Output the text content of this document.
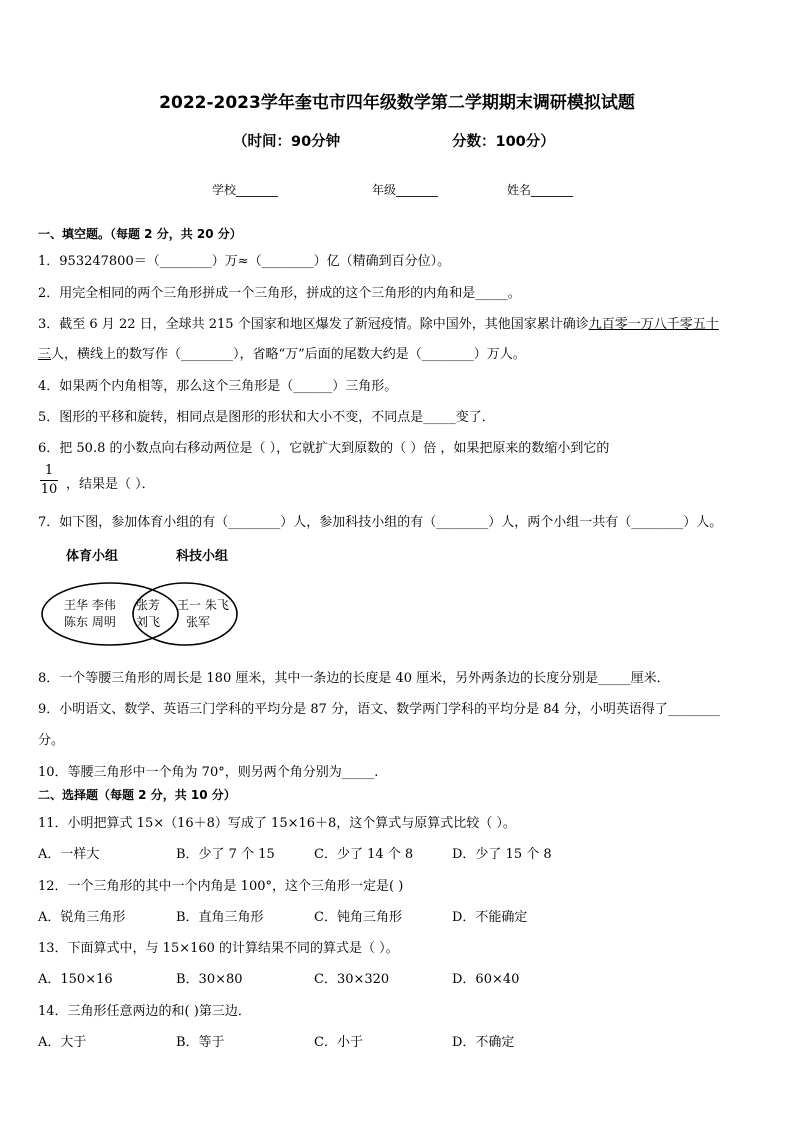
2022-2023学年奎屯市四年级数学第二学期期末调研模拟试题
（时间：90分钟	分数：100分）
学校_______	年级_______	姓名_______
一、填空题。（每题 2 分，共 20 分）
1．953247800＝（________）万≈（________）亿（精确到百分位）。
2．用完全相同的两个三角形拼成一个三角形，拼成的这个三角形的内角和是_____。
3．截至 6 月 22 日，全球共 215 个国家和地区爆发了新冠疫情。除中国外，其他国家累计确诊九百零一万八千零五十
三人，横线上的数写作（________），省略“万”后面的尾数大约是（________）万人。
4．如果两个内角相等，那么这个三角形是（______）三角形。
5．图形的平移和旋转，相同点是图形的形状和大小不变，不同点是_____变了．
6．把 50.8 的小数点向右移动两位是（ ），它就扩大到原数的（ ）倍 ，如果把原来的数缩小到它的
1
10 ，结果是（ ）．
7．如下图，参加体育小组的有（________）人，参加科技小组的有（________）人，两个小组一共有（________）人。
体育小组	科技小组
王华 李伟
陈东 周明
张芳
刘飞
王一 朱飞
张军
8．一个等腰三角形的周长是 180 厘米，其中一条边的长度是 40 厘米，另外两条边的长度分别是_____厘米．
9．小明语文、数学、英语三门学科的平均分是 87 分，语文、数学两门学科的平均分是 84 分，小明英语得了________
分。
10．等腰三角形中一个角为 70°，则另两个角分别为_____.
二、选择题（每题 2 分，共 10 分）
11．小明把算式 15×（16＋8）写成了 15×16＋8，这个算式与原算式比较（ ）。
A．一样大	B．少了 7 个 15	C．少了 14 个 8	D．少了 15 个 8
12．一个三角形的其中一个内角是 100°，这个三角形一定是( )
A．锐角三角形	B．直角三角形	C．钝角三角形	D．不能确定
13．下面算式中，与 15×160 的计算结果不同的算式是（ ）。
A．150×16	B．30×80	C．30×320	D．60×40
14．三角形任意两边的和( )第三边．
A．大于	B．等于	C．小于	D．不确定
